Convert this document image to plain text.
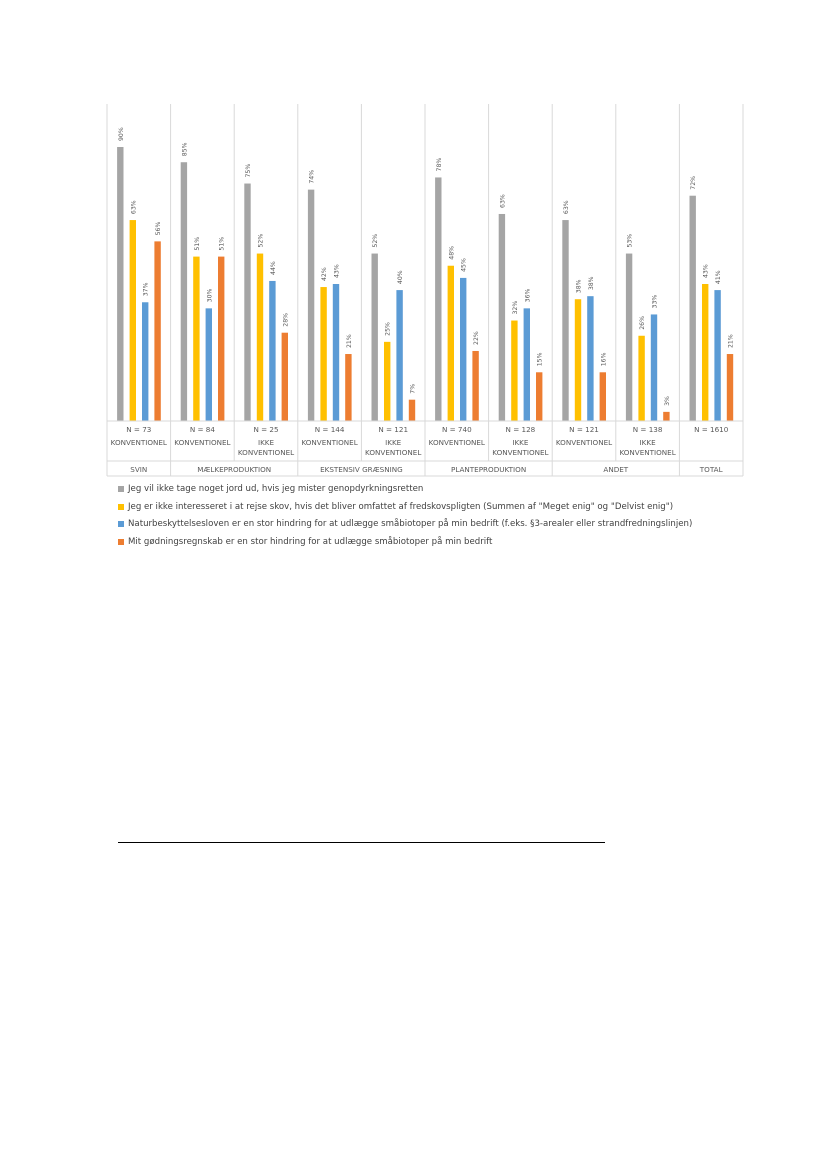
90%
63%
37%
56%
85%
51%
30%
51%
75%
52%
44%
28%
74%
42% 43%
21%
52%
25%
40%
7%
78%
48%
45%
22%
63%
32%
36%
15%
63%
38% 38%
16%
53%
26%
33%
3%
72%
43% 41%
21%
N = 73
KONVENTIONEL
N = 84
KONVENTIONEL
N = 25
IKKE
KONVENTIONEL
N = 144
KONVENTIONEL
N = 121
IKKE
KONVENTIONEL
N = 740
KONVENTIONEL
N = 128
IKKE
KONVENTIONEL
N = 121
KONVENTIONEL
N = 138
IKKE
KONVENTIONEL
N = 1610
SVIN	MÆLKEPRODUKTION	EKSTENSIV GRÆSNING	PLANTEPRODUKTION	ANDET	TOTAL
Jeg vil ikke tage noget jord ud, hvis jeg mister genopdyrkningsretten
Jeg er ikke interesseret i at rejse skov, hvis det bliver omfattet af fredskovspligten (Summen af "Meget enig" og "Delvist enig")
Naturbeskyttelsesloven er en stor hindring for at udlægge småbiotoper på min bedrift (f.eks. §3-arealer eller strandfredningslinjen)
Mit gødningsregnskab er en stor hindring for at udlægge småbiotoper på min bedrift
